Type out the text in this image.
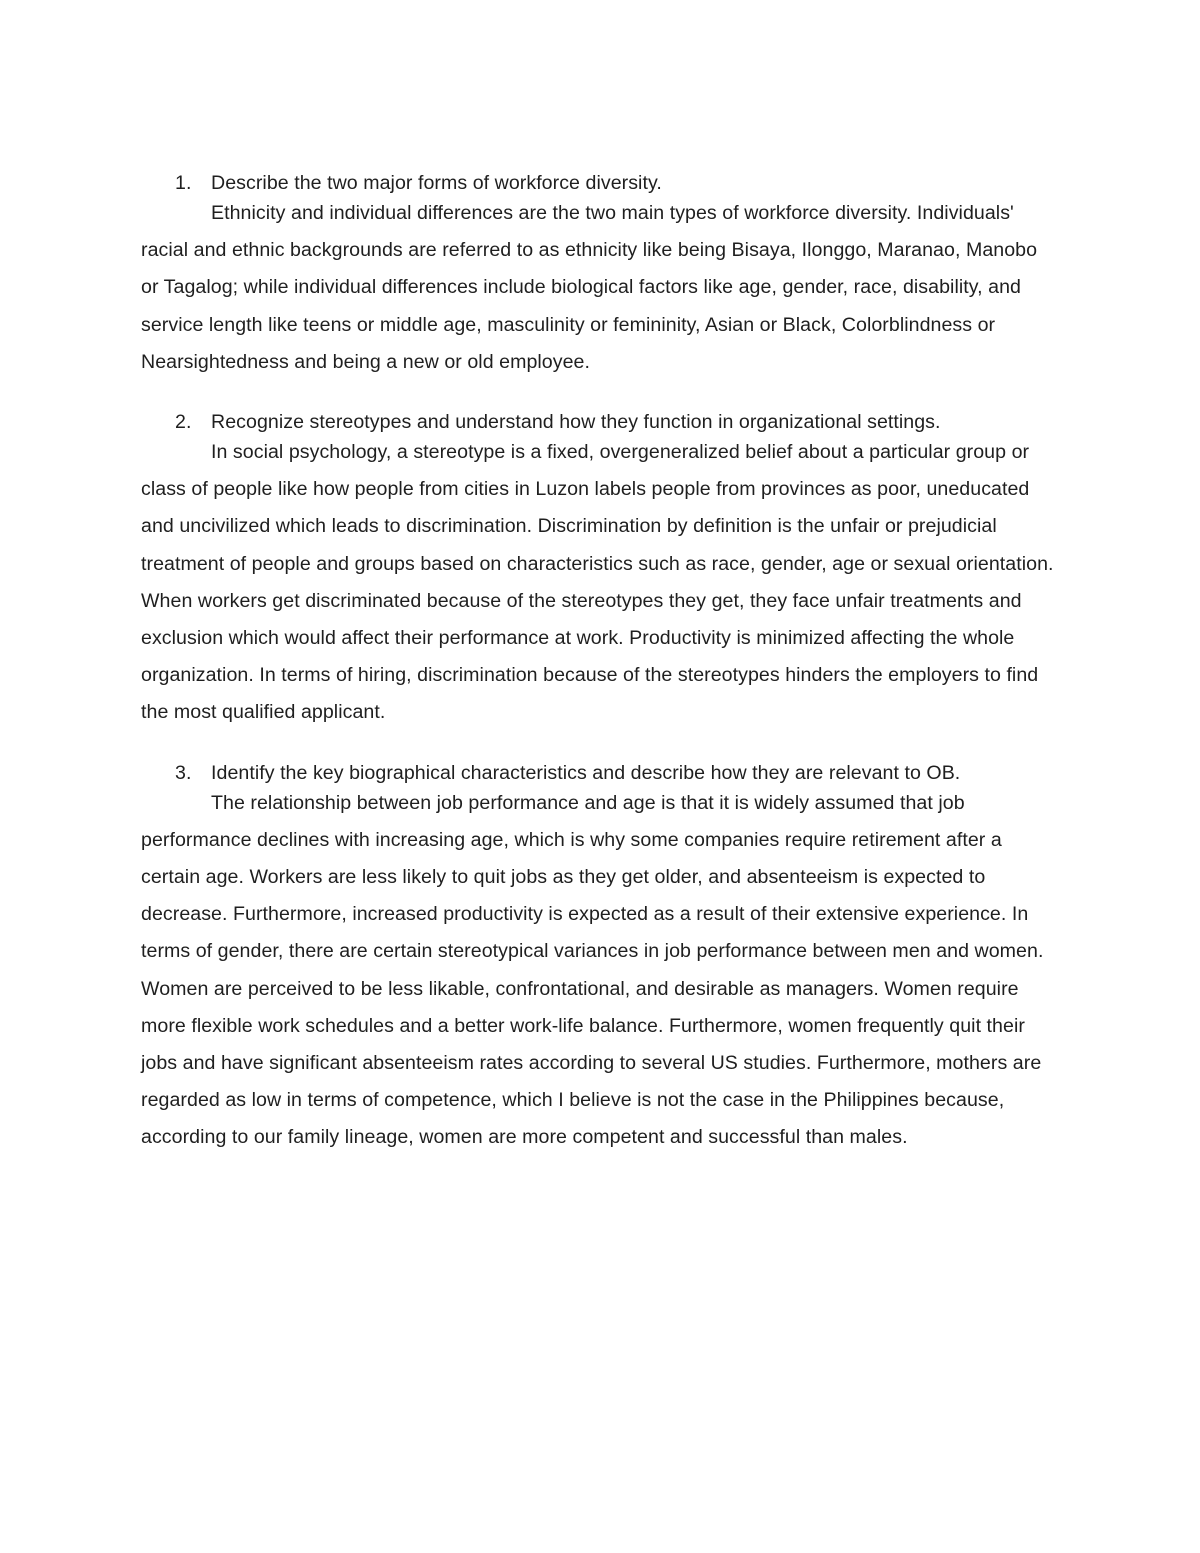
1. Describe the two major forms of workforce diversity.

Ethnicity and individual differences are the two main types of workforce diversity. Individuals' racial and ethnic backgrounds are referred to as ethnicity like being Bisaya, Ilonggo, Maranao, Manobo or Tagalog; while individual differences include biological factors like age, gender, race, disability, and service length like teens or middle age, masculinity or femininity, Asian or Black, Colorblindness or Nearsightedness and being a new or old employee.

2. Recognize stereotypes and understand how they function in organizational settings.

In social psychology, a stereotype is a fixed, overgeneralized belief about a particular group or class of people like how people from cities in Luzon labels people from provinces as poor, uneducated and uncivilized which leads to discrimination. Discrimination by definition is the unfair or prejudicial treatment of people and groups based on characteristics such as race, gender, age or sexual orientation. When workers get discriminated because of the stereotypes they get, they face unfair treatments and exclusion which would affect their performance at work. Productivity is minimized affecting the whole organization. In terms of hiring, discrimination because of the stereotypes hinders the employers to find the most qualified applicant.

3. Identify the key biographical characteristics and describe how they are relevant to OB.

The relationship between job performance and age is that it is widely assumed that job performance declines with increasing age, which is why some companies require retirement after a certain age. Workers are less likely to quit jobs as they get older, and absenteeism is expected to decrease. Furthermore, increased productivity is expected as a result of their extensive experience. In terms of gender, there are certain stereotypical variances in job performance between men and women. Women are perceived to be less likable, confrontational, and desirable as managers. Women require more flexible work schedules and a better work-life balance. Furthermore, women frequently quit their jobs and have significant absenteeism rates according to several US studies. Furthermore, mothers are regarded as low in terms of competence, which I believe is not the case in the Philippines because, according to our family lineage, women are more competent and successful than males.
